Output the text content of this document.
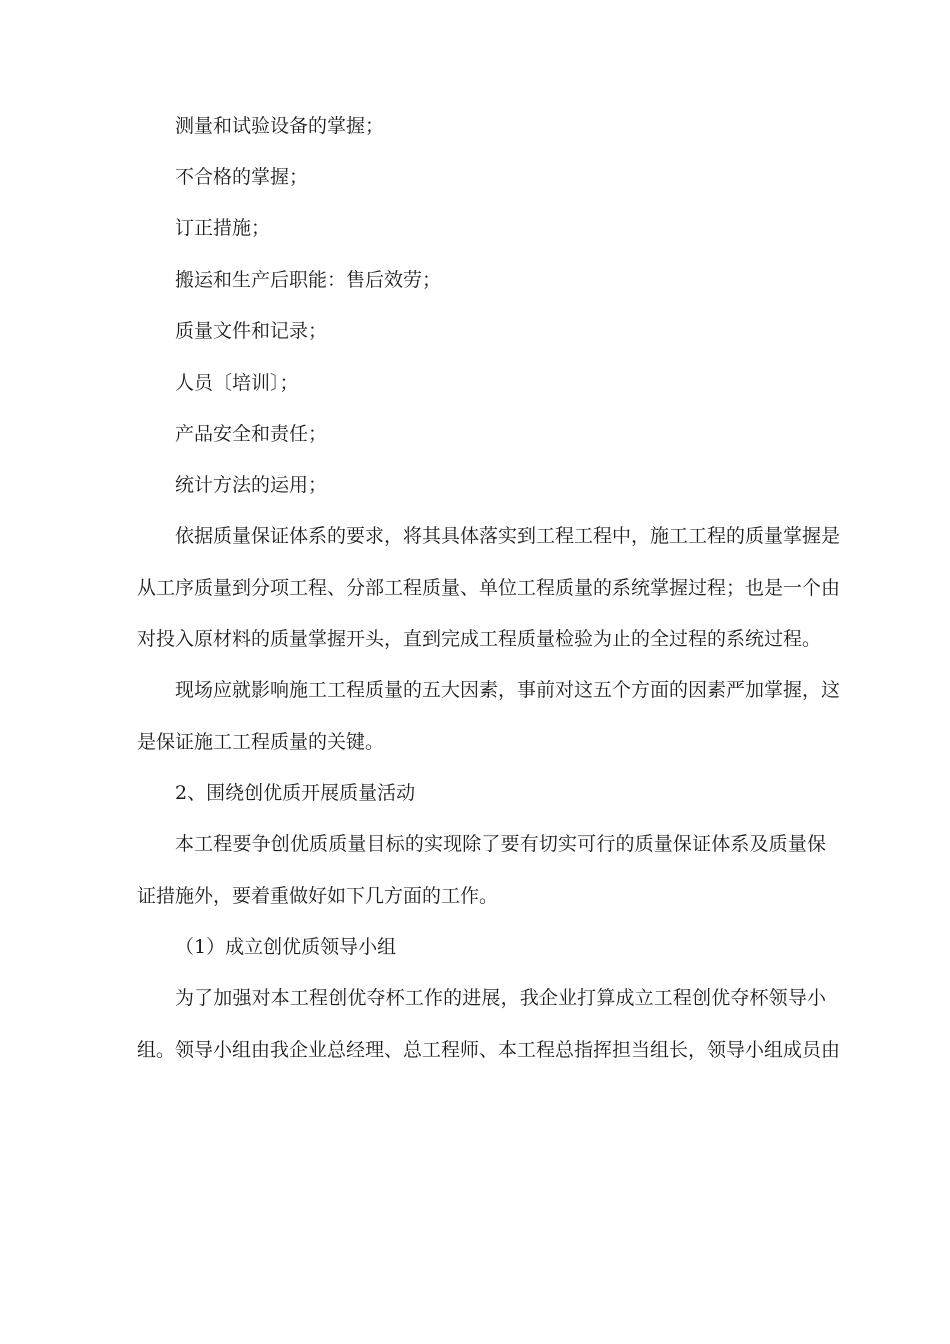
测量和试验设备的掌握；
不合格的掌握；
订正措施；
搬运和生产后职能：售后效劳；
质量文件和记录；
人员〔培训〕；
产品安全和责任；
统计方法的运用；
依据质量保证体系的要求，将其具体落实到工程工程中，施工工程的质量掌握是
从工序质量到分项工程、分部工程质量、单位工程质量的系统掌握过程；也是一个由
对投入原材料的质量掌握开头，直到完成工程质量检验为止的全过程的系统过程。
现场应就影响施工工程质量的五大因素，事前对这五个方面的因素严加掌握，这
是保证施工工程质量的关键。
2、围绕创优质开展质量活动
本工程要争创优质质量目标的实现除了要有切实可行的质量保证体系及质量保
证措施外，要着重做好如下几方面的工作。
（1）成立创优质领导小组
为了加强对本工程创优夺杯工作的进展，我企业打算成立工程创优夺杯领导小
组。领导小组由我企业总经理、总工程师、本工程总指挥担当组长，领导小组成员由
